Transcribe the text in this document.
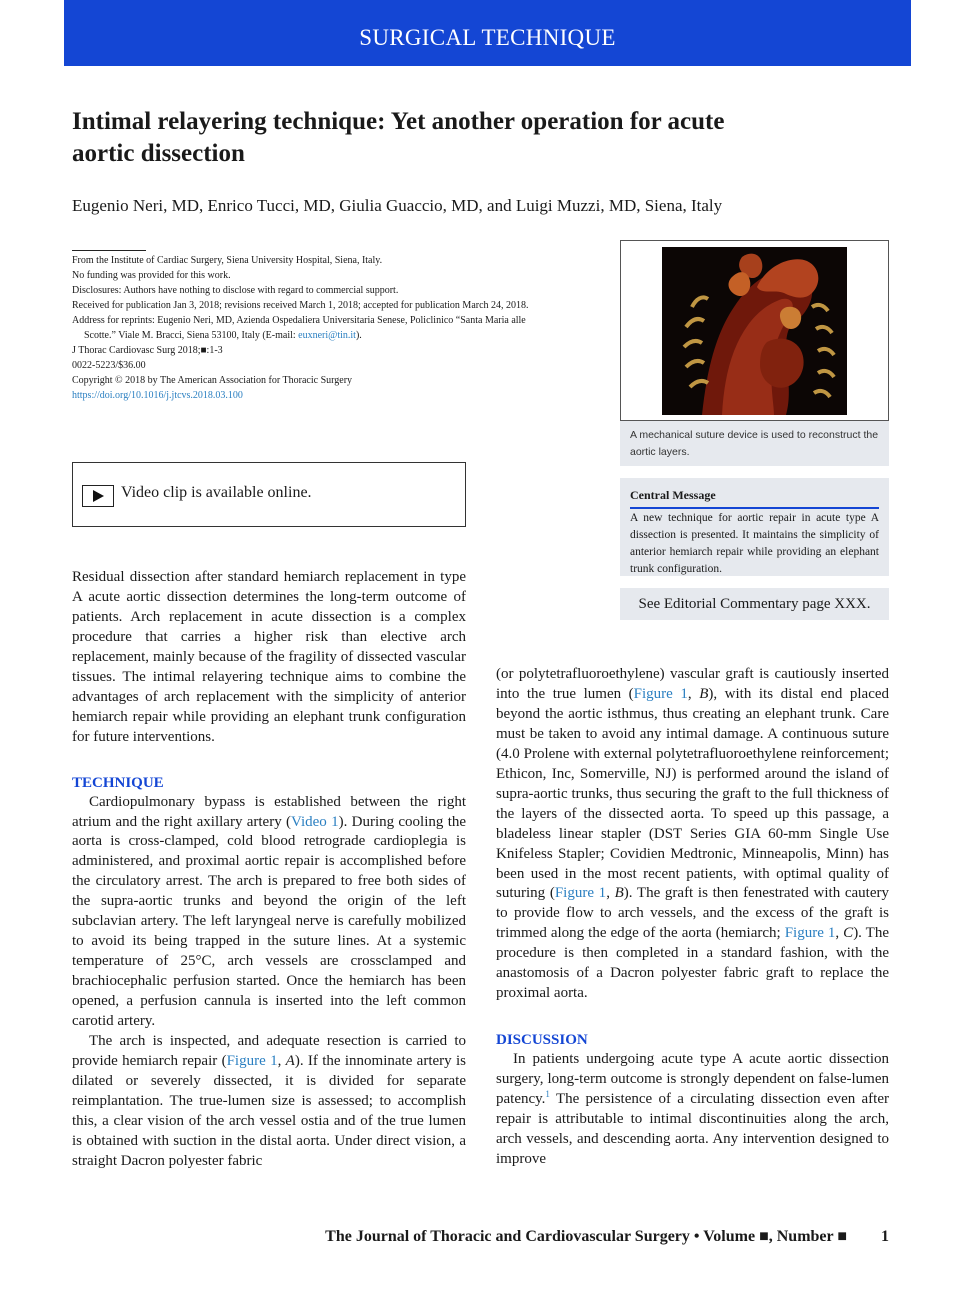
SURGICAL TECHNIQUE
Intimal relayering technique: Yet another operation for acute aortic dissection
Eugenio Neri, MD, Enrico Tucci, MD, Giulia Guaccio, MD, and Luigi Muzzi, MD, Siena, Italy
From the Institute of Cardiac Surgery, Siena University Hospital, Siena, Italy.
No funding was provided for this work.
Disclosures: Authors have nothing to disclose with regard to commercial support.
Received for publication Jan 3, 2018; revisions received March 1, 2018; accepted for publication March 24, 2018.
Address for reprints: Eugenio Neri, MD, Azienda Ospedaliera Universitaria Senese, Policlinico “Santa Maria alle
Scotte.” Viale M. Bracci, Siena 53100, Italy (E-mail: euxneri@tin.it).
J Thorac Cardiovasc Surg 2018;■:1-3
0022-5223/$36.00
Copyright © 2018 by The American Association for Thoracic Surgery
https://doi.org/10.1016/j.jtcvs.2018.03.100
Video clip is available online.
A mechanical suture device is used to reconstruct the aortic layers.
Central Message
A new technique for aortic repair in acute type A dissection is presented. It maintains the simplicity of anterior hemiarch repair while providing an elephant trunk configuration.
See Editorial Commentary page XXX.

Residual dissection after standard hemiarch replacement in type A acute aortic dissection determines the long-term outcome of patients. Arch replacement in acute dissection is a complex procedure that carries a higher risk than elective arch replacement, mainly because of the fragility of dissected vascular tissues. The intimal relayering technique aims to combine the advantages of arch replacement with the simplicity of anterior hemiarch repair while providing an elephant trunk configuration for future interventions.

TECHNIQUE

Cardiopulmonary bypass is established between the right atrium and the right axillary artery (Video 1). During cooling the aorta is cross-clamped, cold blood retrograde cardioplegia is administered, and proximal aortic repair is accomplished before the circulatory arrest. The arch is prepared to free both sides of the supra-aortic trunks and beyond the origin of the left subclavian artery. The left laryngeal nerve is carefully mobilized to avoid its being trapped in the suture lines. At a systemic temperature of 25°C, arch vessels are crossclamped and brachiocephalic perfusion started. Once the hemiarch has been opened, a perfusion cannula is inserted into the left common carotid artery.

The arch is inspected, and adequate resection is carried to provide hemiarch repair (Figure 1, A). If the innominate artery is dilated or severely dissected, it is divided for separate reimplantation. The true-lumen size is assessed; to accomplish this, a clear vision of the arch vessel ostia and of the true lumen is obtained with suction in the distal aorta. Under direct vision, a straight Dacron polyester fabric

(or polytetrafluoroethylene) vascular graft is cautiously inserted into the true lumen (Figure 1, B), with its distal end placed beyond the aortic isthmus, thus creating an elephant trunk. Care must be taken to avoid any intimal damage. A continuous suture (4.0 Prolene with external polytetrafluoroethylene reinforcement; Ethicon, Inc, Somerville, NJ) is performed around the island of supra-aortic trunks, thus securing the graft to the full thickness of the layers of the dissected aorta. To speed up this passage, a bladeless linear stapler (DST Series GIA 60-mm Single Use Knifeless Stapler; Covidien Medtronic, Minneapolis, Minn) has been used in the most recent patients, with optimal quality of suturing (Figure 1, B). The graft is then fenestrated with cautery to provide flow to arch vessels, and the excess of the graft is trimmed along the edge of the aorta (hemiarch; Figure 1, C). The procedure is then completed in a standard fashion, with the anastomosis of a Dacron polyester fabric graft to replace the proximal aorta.

DISCUSSION

In patients undergoing acute type A acute aortic dissection surgery, long-term outcome is strongly dependent on false-lumen patency.$^1$ The persistence of a circulating dissection even after repair is attributable to intimal discontinuities along the arch, arch vessels, and descending aorta. Any intervention designed to improve

The Journal of Thoracic and Cardiovascular Surgery • Volume ■, Number ■ 1
